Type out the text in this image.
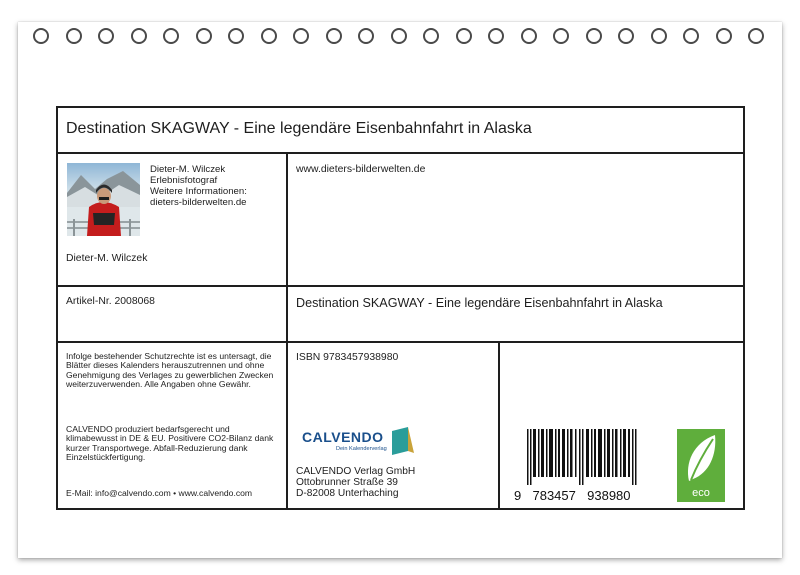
Destination SKAGWAY - Eine legendäre Eisenbahnfahrt in Alaska
Dieter-M. Wilczek
Erlebnisfotograf
Weitere Informationen:
dieters-bilderwelten.de
Dieter-M. Wilczek
www.dieters-bilderwelten.de
Artikel-Nr. 2008068	Destination SKAGWAY - Eine legendäre Eisenbahnfahrt in Alaska
Infolge bestehender Schutzrechte ist es untersagt, die Blätter dieses Kalenders herauszutrennen und ohne Genehmigung des Verlages zu gewerblichen Zwecken weiterzuverwenden. Alle Angaben ohne Gewähr.
CALVENDO produziert bedarfsgerecht und klimabewusst in DE & EU. Positivere CO2-Bilanz dank kurzer Transportwege. Abfall-Reduzierung dank Einzelstückfertigung.
E-Mail: info@calvendo.com • www.calvendo.com
ISBN 9783457938980
CALVENDO
Dein Kalenderverlag
CALVENDO Verlag GmbH
Ottobrunner Straße 39
D-82008 Unterhaching	9 783457 938980	eco
